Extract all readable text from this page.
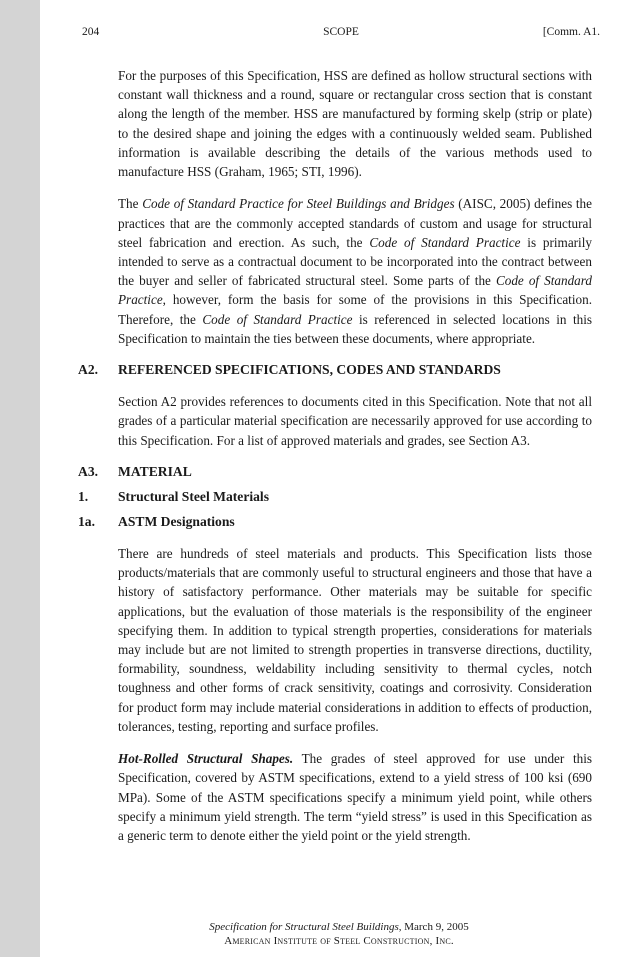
204	SCOPE	[Comm. A1.

For the purposes of this Specification, HSS are defined as hollow structural sections with constant wall thickness and a round, square or rectangular cross section that is constant along the length of the member. HSS are manufactured by forming skelp (strip or plate) to the desired shape and joining the edges with a continuously welded seam. Published information is available describing the details of the various methods used to manufacture HSS (Graham, 1965; STI, 1996).

The Code of Standard Practice for Steel Buildings and Bridges (AISC, 2005) defines the practices that are the commonly accepted standards of custom and usage for structural steel fabrication and erection. As such, the Code of Standard Practice is primarily intended to serve as a contractual document to be incorporated into the contract between the buyer and seller of fabricated structural steel. Some parts of the Code of Standard Practice, however, form the basis for some of the provisions in this Specification. Therefore, the Code of Standard Practice is referenced in selected locations in this Specification to maintain the ties between these documents, where appropriate.

A2.	REFERENCED SPECIFICATIONS, CODES AND STANDARDS

Section A2 provides references to documents cited in this Specification. Note that not all grades of a particular material specification are necessarily approved for use according to this Specification. For a list of approved materials and grades, see Section A3.

A3.	MATERIAL
1.	Structural Steel Materials
1a.	ASTM Designations

There are hundreds of steel materials and products. This Specification lists those products/materials that are commonly useful to structural engineers and those that have a history of satisfactory performance. Other materials may be suitable for specific applications, but the evaluation of those materials is the responsibility of the engineer specifying them. In addition to typical strength properties, considerations for materials may include but are not limited to strength properties in transverse directions, ductility, formability, soundness, weldability including sensitivity to thermal cycles, notch toughness and other forms of crack sensitivity, coatings and corrosivity. Consideration for product form may include material considerations in addition to effects of production, tolerances, testing, reporting and surface profiles.

Hot-Rolled Structural Shapes. The grades of steel approved for use under this Specification, covered by ASTM specifications, extend to a yield stress of 100 ksi (690 MPa). Some of the ASTM specifications specify a minimum yield point, while others specify a minimum yield strength. The term “yield stress” is used in this Specification as a generic term to denote either the yield point or the yield strength.

Specification for Structural Steel Buildings, March 9, 2005
American Institute of Steel Construction, Inc.
